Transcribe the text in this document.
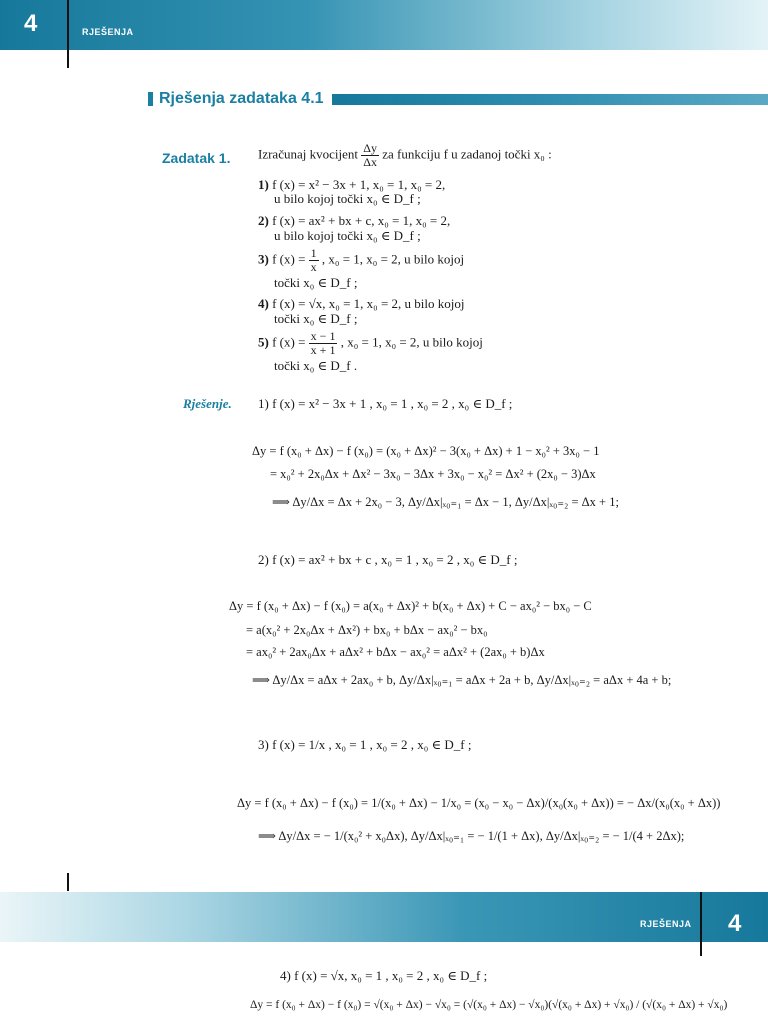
4	RJEŠENJA
Rješenja zadataka 4.1
Zadatak 1. Izračunaj kvocijent $\frac{\Delta y}{\Delta x}$ za funkciju f u zadanoj točki x₀ :
1) f (x) = x² − 3x + 1, x₀ = 1, x₀ = 2,
u bilo kojoj točki x₀ ∈ D_f ;
2) f (x) = ax² + bx + c, x₀ = 1, x₀ = 2,
u bilo kojoj točki x₀ ∈ D_f ;
3) f $(x) = \frac{1}{x}$ , x₀ = 1, x₀ = 2, u bilo kojoj
točki x₀ ∈ D_f ;
4) f (x) = √x, x₀ = 1, x₀ = 2, u bilo kojoj
točki x₀ ∈ D_f ;
5) f $(x) = \frac{x - 1}{x + 1}$ , x₀ = 1, x₀ = 2, u bilo kojoj
točki x₀ ∈ D_f .
Rješenje. 1) f (x) = x² − 3x + 1 , x₀ = 1 , x₀ = 2 , x₀ ∈ D_f ;
Δy = f (x₀ + Δx) − f (x₀) = (x₀ + Δx)² − 3(x₀ + Δx) + 1 − x₀² + 3x₀ − 1
= x₀² + 2x₀Δx + Δx² − 3x₀ − 3Δx + 3x₀ − x₀² = Δx² + (2x₀ − 3)Δx
⟹ Δy/Δx = Δx + 2x₀ − 3, Δy/Δx|ₓ₀₌₁ = Δx − 1, Δy/Δx|ₓ₀₌₂ = Δx + 1;
2) f (x) = ax² + bx + c , x₀ = 1 , x₀ = 2 , x₀ ∈ D_f ;
Δy = f (x₀ + Δx) − f (x₀) = a(x₀ + Δx)² + b(x₀ + Δx) + C − ax₀² − bx₀ − C
= a(x₀² + 2x₀Δx + Δx²) + bx₀ + bΔx − ax₀² − bx₀
= ax₀² + 2ax₀Δx + aΔx² + bΔx − ax₀² = aΔx² + (2ax₀ + b)Δx
⟹ Δy/Δx = aΔx + 2ax₀ + b, Δy/Δx|ₓ₀₌₁ = aΔx + 2a + b, Δy/Δx|ₓ₀₌₂ = aΔx + 4a + b;
3) f (x) = 1/x , x₀ = 1 , x₀ = 2 , x₀ ∈ D_f ;
Δy = f (x₀ + Δx) − f (x₀) = 1/(x₀ + Δx) − 1/x₀ = (x₀ − x₀ − Δx)/(x₀(x₀ + Δx)) = − Δx/(x₀(x₀ + Δx))
⟹ Δy/Δx = − 1/(x₀² + x₀Δx), Δy/Δx|ₓ₀₌₁ = − 1/(1 + Δx), Δy/Δx|ₓ₀₌₂ = − 1/(4 + 2Δx);
RJEŠENJA 4
4) f (x) = √x, x₀ = 1 , x₀ = 2 , x₀ ∈ D_f ;
Δy = f (x₀ + Δx) − f (x₀) = √(x₀ + Δx) − √x₀ = (√(x₀ + Δx) − √x₀)(√(x₀ + Δx) + √x₀) / (√(x₀ + Δx) + √x₀)
